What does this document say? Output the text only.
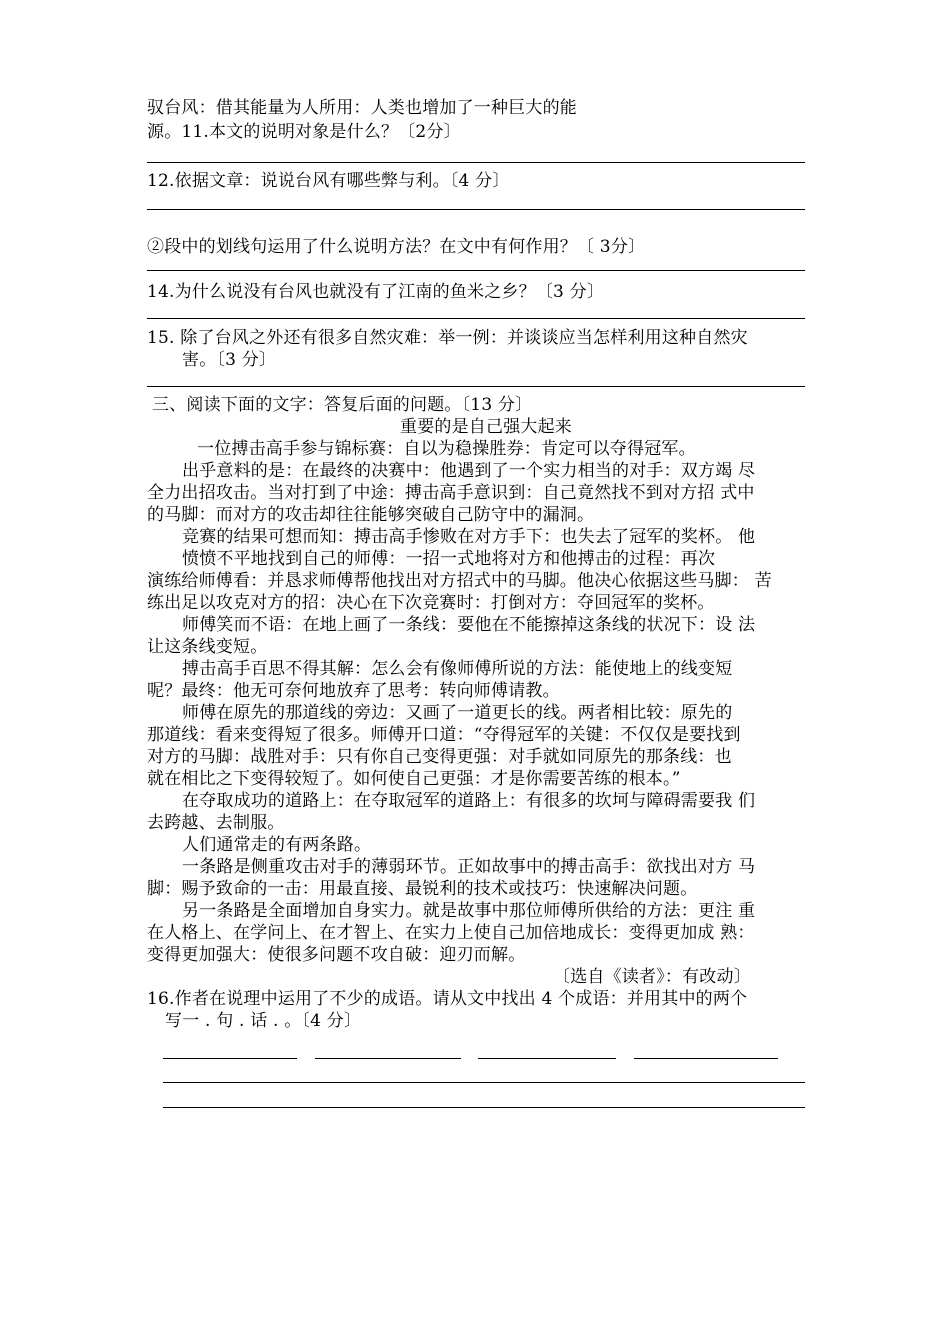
驭台风：借其能量为人所用：人类也增加了一种巨大的能
源。11.本文的说明对象是什么？〔2分〕
12.依据文章：说说台风有哪些弊与利。〔4 分〕
②段中的划线句运用了什么说明方法？在文中有何作用？〔 3分〕
14.为什么说没有台风也就没有了江南的鱼米之乡？〔3 分〕
15. 除了台风之外还有很多自然灾难：举一例：并谈谈应当怎样利用这种自然灾
害。〔3 分〕
三、阅读下面的文字：答复后面的问题。〔13 分〕
重要的是自己强大起来
一位搏击高手参与锦标赛：自以为稳操胜券：肯定可以夺得冠军。
出乎意料的是：在最终的决赛中：他遇到了一个实力相当的对手：双方竭 尽
全力出招攻击。当对打到了中途：搏击高手意识到：自己竟然找不到对方招 式中
的马脚：而对方的攻击却往往能够突破自己防守中的漏洞。
竞赛的结果可想而知：搏击高手惨败在对方手下：也失去了冠军的奖杯。 他
愤愤不平地找到自己的师傅：一招一式地将对方和他搏击的过程：再次
演练给师傅看：并恳求师傅帮他找出对方招式中的马脚。他决心依据这些马脚： 苦
练出足以攻克对方的招：决心在下次竞赛时：打倒对方：夺回冠军的奖杯。
师傅笑而不语：在地上画了一条线：要他在不能擦掉这条线的状况下：设 法
让这条线变短。
搏击高手百思不得其解：怎么会有像师傅所说的方法：能使地上的线变短
呢？最终：他无可奈何地放弃了思考：转向师傅请教。
师傅在原先的那道线的旁边：又画了一道更长的线。两者相比较：原先的
那道线：看来变得短了很多。师傅开口道：“夺得冠军的关键：不仅仅是要找到
对方的马脚：战胜对手：只有你自己变得更强：对手就如同原先的那条线：也
就在相比之下变得较短了。如何使自己更强：才是你需要苦练的根本。”
在夺取成功的道路上：在夺取冠军的道路上：有很多的坎坷与障碍需要我 们
去跨越、去制服。
人们通常走的有两条路。
一条路是侧重攻击对手的薄弱环节。正如故事中的搏击高手：欲找出对方 马
脚：赐予致命的一击：用最直接、最锐利的技术或技巧：快速解决问题。
另一条路是全面增加自身实力。就是故事中那位师傅所供给的方法：更注 重
在人格上、在学问上、在才智上、在实力上使自己加倍地成长：变得更加成 熟：
变得更加强大：使很多问题不攻自破：迎刃而解。
〔选自《读者》：有改动〕
16.作者在说理中运用了不少的成语。请从文中找出 4 个成语：并用其中的两个
写一 . 句 . 话 . 。〔4 分〕
